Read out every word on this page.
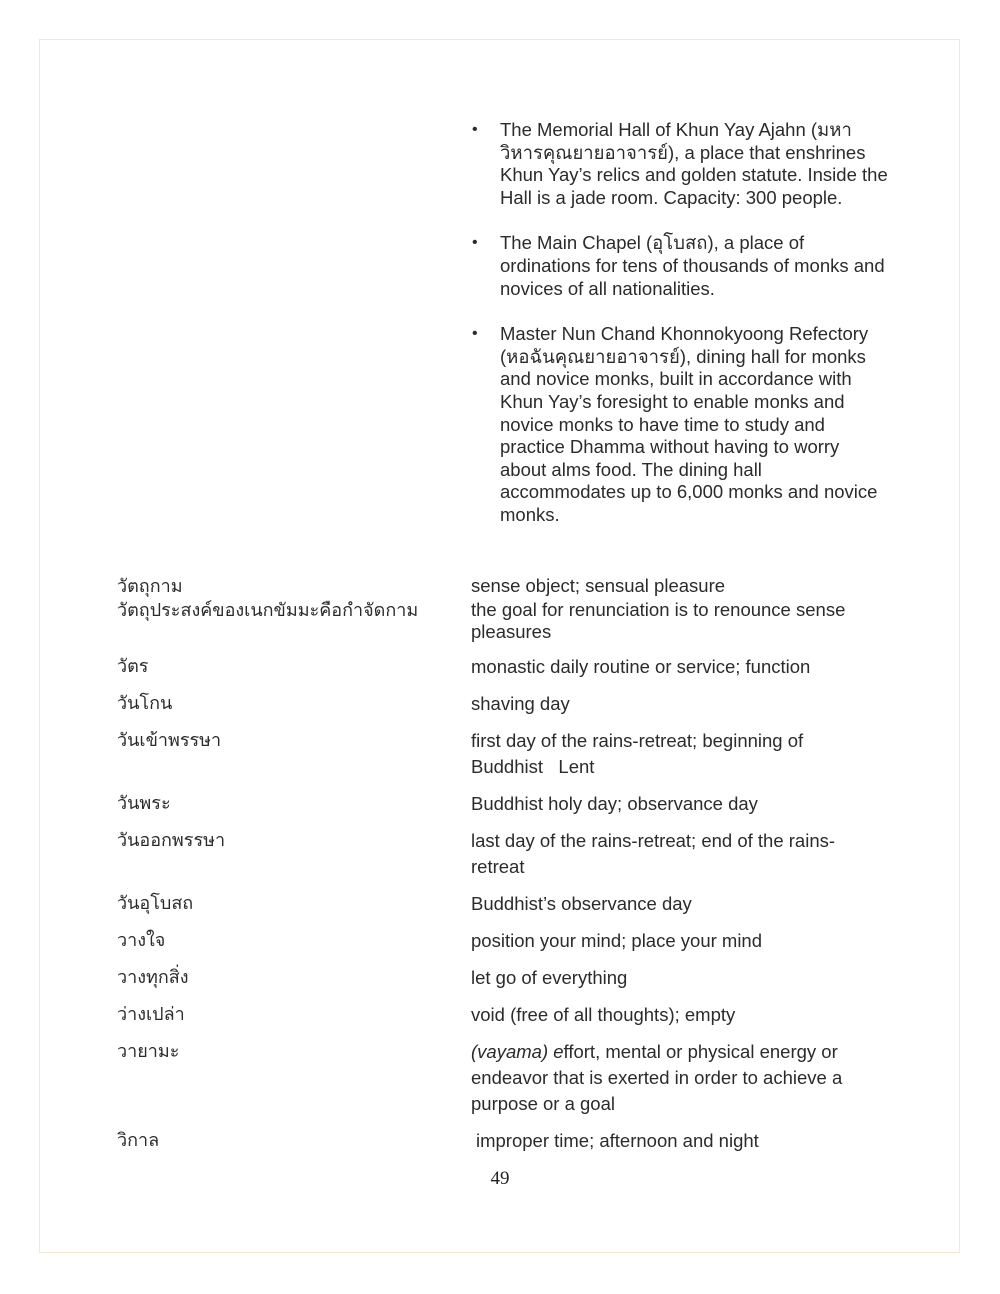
• The Memorial Hall of Khun Yay Ajahn (มหาวิหารคุณยายอาจารย์), a place that enshrines Khun Yay’s relics and golden statute. Inside the Hall is a jade room. Capacity: 300 people.
• The Main Chapel (อุโบสถ), a place of ordinations for tens of thousands of monks and novices of all nationalities.
• Master Nun Chand Khonnokyoong Refectory (หอฉันคุณยายอาจารย์), dining hall for monks and novice monks, built in accordance with Khun Yay’s foresight to enable monks and novice monks to have time to study and practice Dhamma without having to worry about alms food. The dining hall accommodates up to 6,000 monks and novice monks.
วัตถุกาม	sense object; sensual pleasure
วัตถุประสงค์ของเนกขัมมะคือกำจัดกาม	the goal for renunciation is to renounce sense pleasures
วัตร	monastic daily routine or service; function
วันโกน	shaving day
วันเข้าพรรษา	first day of the rains-retreat; beginning of Buddhist   Lent
วันพระ	Buddhist holy day; observance day
วันออกพรรษา	last day of the rains-retreat; end of the rains-retreat
วันอุโบสถ	Buddhist’s observance day
วางใจ	position your mind; place your mind
วางทุกสิ่ง	let go of everything
ว่างเปล่า	void (free of all thoughts); empty
วายามะ	(vayama) effort, mental or physical energy or endeavor that is exerted in order to achieve a purpose or a goal
วิกาล	improper time; afternoon and night
49
